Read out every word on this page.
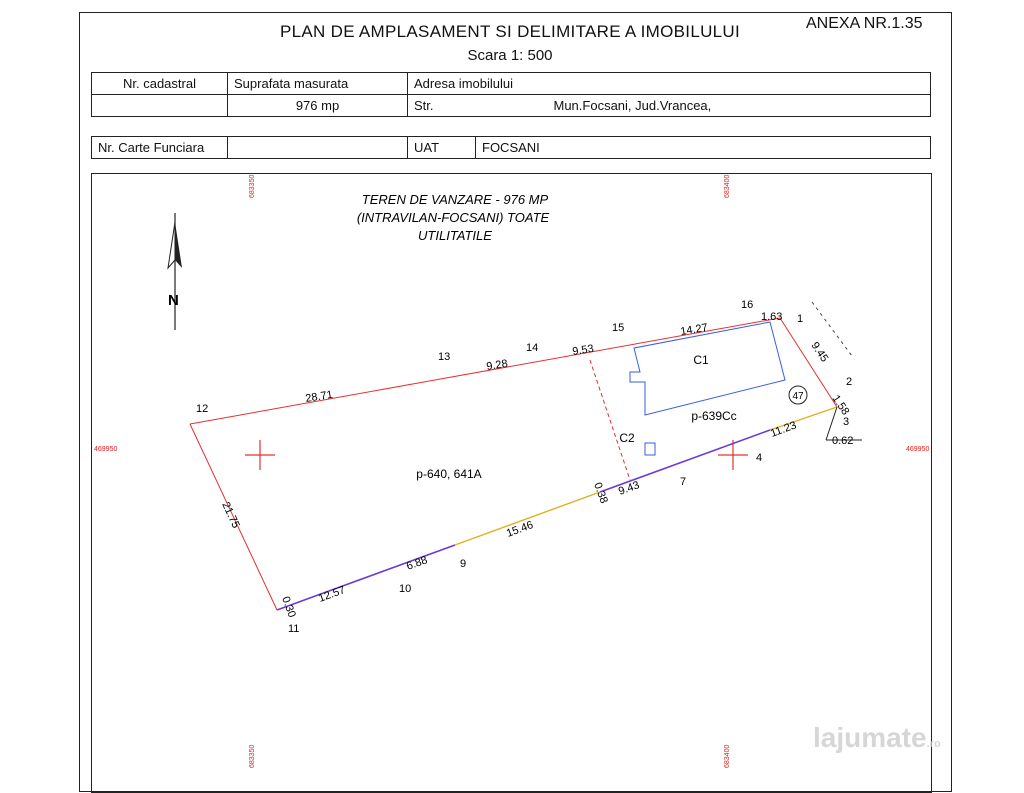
PLAN DE AMPLASAMENT SI DELIMITARE A IMOBILULUI
Scara 1: 500
ANEXA NR.1.35
Nr. cadastral	Suprafata masurata	Adresa imobilului	
	976 mp	Str.	Mun.Focsani, Jud.Vrancea,
Nr. Carte Funciara		UAT	FOCSANI
TEREN DE VANZARE - 976 MP
(INTRAVILAN-FOCSANI) TOATE
UTILITATILE
N
683350	683400
469950	469950
683350	683400
47
p-640, 641A
p-639Cc
C1
C2
1
2
3
4
7
9
10
11
12
13
14
15
16
28.71
9.28
9.53
14.27
1.63
9.45
1.58
0.62
11.23
9.43
0.38
15.46
6.88
12.57
0.30
21.75
lajumate.ro
